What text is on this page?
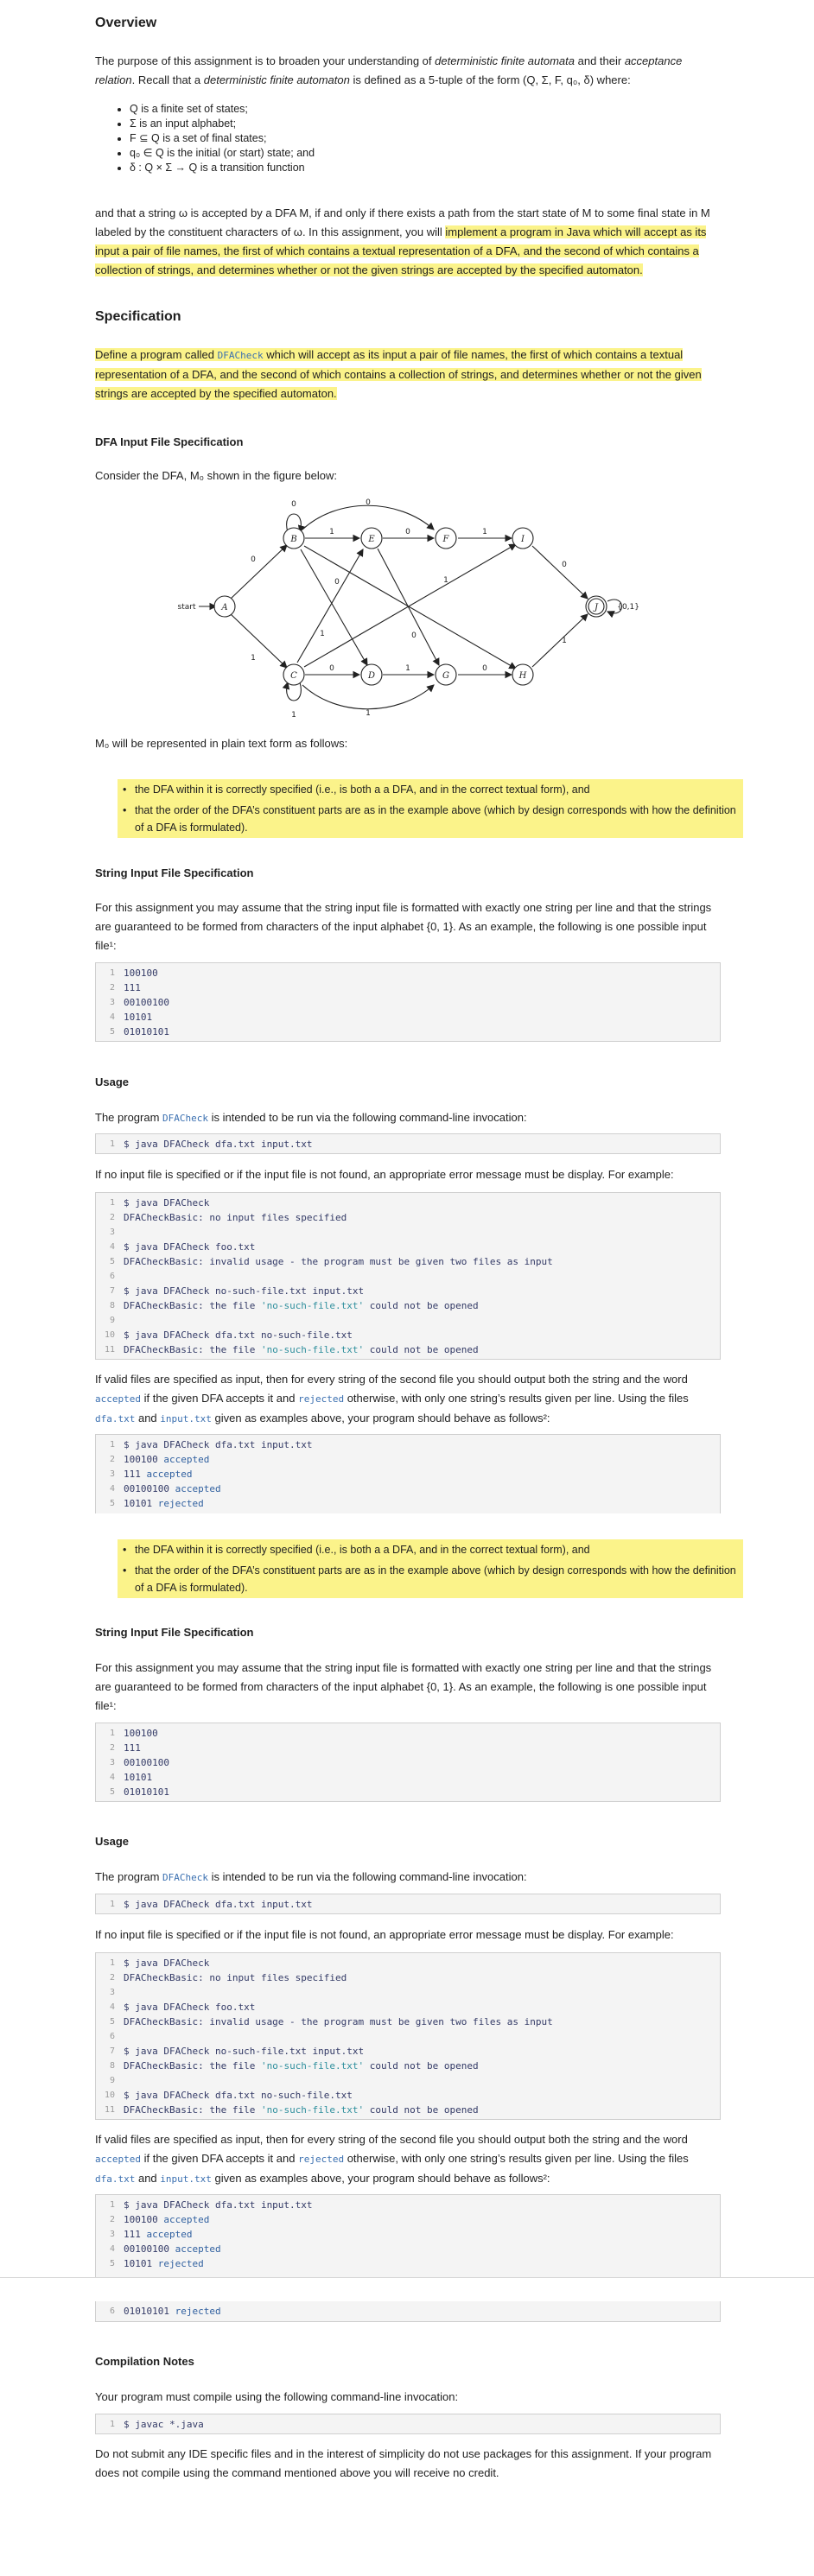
Overview

The purpose of this assignment is to broaden your understanding of deterministic finite automata and their acceptance relation. Recall that a deterministic finite automaton is defined as a 5-tuple of the form (Q, Σ, F, q₀, δ) where:

• Q is a finite set of states;
• Σ is an input alphabet;
• F ⊆ Q is a set of final states;
• q₀ ∈ Q is the initial (or start) state; and
• δ : Q × Σ → Q is a transition function

and that a string ω is accepted by a DFA M, if and only if there exists a path from the start state of M to some final state in M labeled by the constituent characters of ω. In this assignment, you will implement a program in Java which will accept as its input a pair of file names, the first of which contains a textual representation of a DFA, and the second of which contains a collection of strings, and determines whether or not the given strings are accepted by the specified automaton.

Specification

Define a program called DFACheck which will accept as its input a pair of file names, the first of which contains a textual representation of a DFA, and the second of which contains a collection of strings, and determines whether or not the given strings are accepted by the specified automaton.

DFA Input File Specification

Consider the DFA, M₀ shown in the figure below:

start
0
1
0
1
1
0
0
1
0
1
0
0
1
1
1
0
0
1
{0,1}
A
B
C	D
E	F
G	H
I
J

M₀ will be represented in plain text form as follows:

• the DFA within it is correctly specified (i.e., is both a a DFA, and in the correct textual form), and
• that the order of the DFA’s constituent parts are as in the example above (which by design corresponds with how the definition of a DFA is formulated).
String Input File Specification

For this assignment you may assume that the string input file is formatted with exactly one string per line and that the strings are guaranteed to be formed from characters of the input alphabet {0, 1}. As an example, the following is one possible input file¹:

1 100100
2 111
3 00100100
4 10101
5 01010101
Usage

The program DFACheck is intended to be run via the following command-line invocation:

1 $ java DFACheck dfa.txt input.txt

If no input file is specified or if the input file is not found, an appropriate error message must be display. For example:

1 $ java DFACheck
2 DFACheckBasic: no input files specified
3
4 $ java DFACheck foo.txt
5 DFACheckBasic: invalid usage - the program must be given two files as input
6
7 $ java DFACheck no-such-file.txt input.txt
8 DFACheckBasic: the file 'no-such-file.txt' could not be opened
9
10 $ java DFACheck dfa.txt no-such-file.txt
11 DFACheckBasic: the file 'no-such-file.txt' could not be opened

If valid files are specified as input, then for every string of the second file you should output both the string and the word accepted if the given DFA accepts it and rejected otherwise, with only one string’s results given per line. Using the files dfa.txt and input.txt given as examples above, your program should behave as follows²:

1 $ java DFACheck dfa.txt input.txt
2 100100 accepted
3 111 accepted
4 00100100 accepted
5 10101 rejected
• the DFA within it is correctly specified (i.e., is both a a DFA, and in the correct textual form), and
• that the order of the DFA’s constituent parts are as in the example above (which by design corresponds with how the definition of a DFA is formulated).
String Input File Specification

For this assignment you may assume that the string input file is formatted with exactly one string per line and that the strings are guaranteed to be formed from characters of the input alphabet {0, 1}. As an example, the following is one possible input file¹:

1 100100
2 111
3 00100100
4 10101
5 01010101
Usage

The program DFACheck is intended to be run via the following command-line invocation:

1 $ java DFACheck dfa.txt input.txt

If no input file is specified or if the input file is not found, an appropriate error message must be display. For example:

1 $ java DFACheck
2 DFACheckBasic: no input files specified
3
4 $ java DFACheck foo.txt
5 DFACheckBasic: invalid usage - the program must be given two files as input
6
7 $ java DFACheck no-such-file.txt input.txt
8 DFACheckBasic: the file 'no-such-file.txt' could not be opened
9
10 $ java DFACheck dfa.txt no-such-file.txt
11 DFACheckBasic: the file 'no-such-file.txt' could not be opened

If valid files are specified as input, then for every string of the second file you should output both the string and the word accepted if the given DFA accepts it and rejected otherwise, with only one string’s results given per line. Using the files dfa.txt and input.txt given as examples above, your program should behave as follows²:

1 $ java DFACheck dfa.txt input.txt
2 100100 accepted
3 111 accepted
4 00100100 accepted
5 10101 rejected
6 01010101 rejected
Compilation Notes

Your program must compile using the following command-line invocation:

1 $ javac *.java

Do not submit any IDE specific files and in the interest of simplicity do not use packages for this assignment. If your program does not compile using the command mentioned above you will receive no credit.
